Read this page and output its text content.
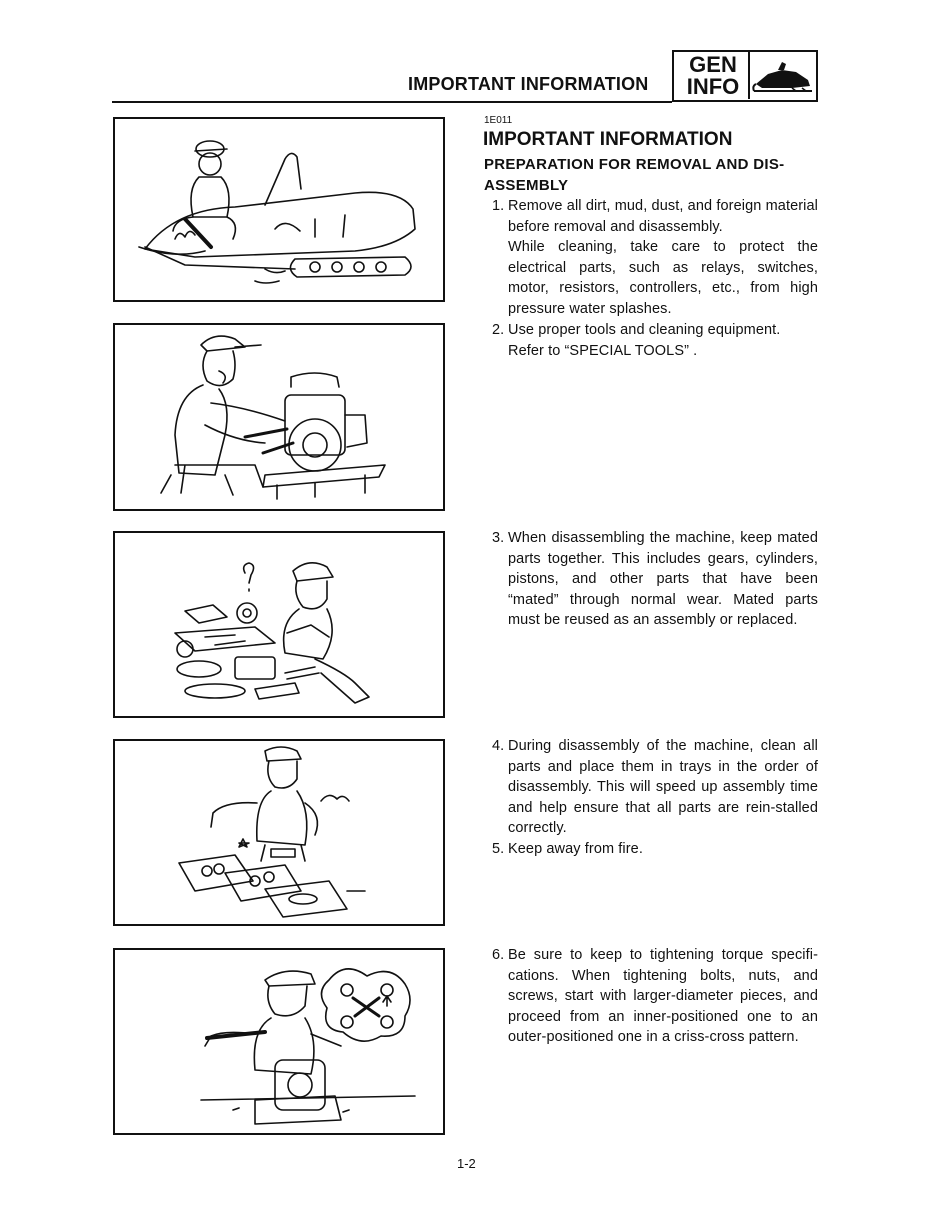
IMPORTANT INFORMATION
GEN
INFO
1E011
IMPORTANT INFORMATION
PREPARATION FOR REMOVAL AND DIS-ASSEMBLY
1. Remove all dirt, mud, dust, and foreign material before removal and disassembly.
While cleaning, take care to protect the electrical parts, such as relays, switches, motor, resistors, controllers, etc., from high pressure water splashes.
2. Use proper tools and cleaning equipment.
Refer to “SPECIAL TOOLS” .
3. When disassembling the machine, keep mated parts together. This includes gears, cylinders, pistons, and other parts that have been “mated” through normal wear. Mated parts must be reused as an assembly or replaced.
4. During disassembly of the machine, clean all parts and place them in trays in the order of disassembly. This will speed up assembly time and help ensure that all parts are rein-stalled correctly.
5. Keep away from fire.
6. Be sure to keep to tightening torque specifi-cations. When tightening bolts, nuts, and screws, start with larger-diameter pieces, and proceed from an inner-positioned one to an outer-positioned one in a criss-cross pattern.
1-2
